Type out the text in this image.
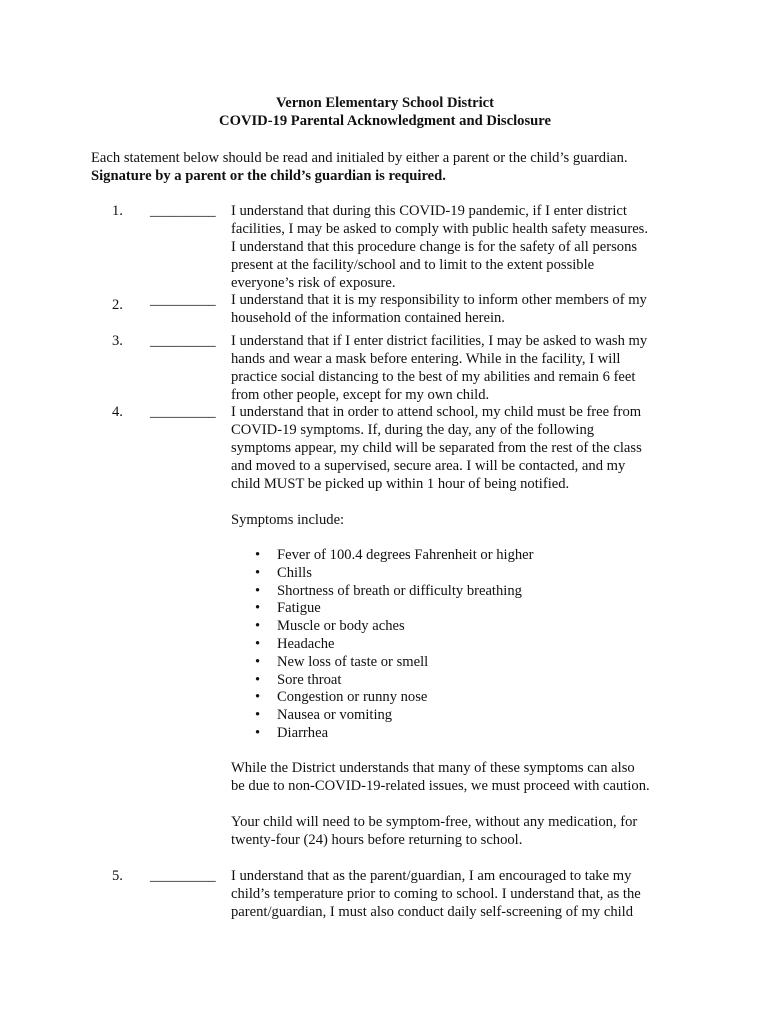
Vernon Elementary School District
COVID-19 Parental Acknowledgment and Disclosure
Each statement below should be read and initialed by either a parent or the child’s guardian.
Signature by a parent or the child’s guardian is required.
1. _________ I understand that during this COVID-19 pandemic, if I enter district
facilities, I may be asked to comply with public health safety measures.
I understand that this procedure change is for the safety of all persons
present at the facility/school and to limit to the extent possible
everyone’s risk of exposure.
2. _________ I understand that it is my responsibility to inform other members of my
household of the information contained herein.
3. _________ I understand that if I enter district facilities, I may be asked to wash my
hands and wear a mask before entering. While in the facility, I will
practice social distancing to the best of my abilities and remain 6 feet
from other people, except for my own child.
4. _________ I understand that in order to attend school, my child must be free from
COVID-19 symptoms. If, during the day, any of the following
symptoms appear, my child will be separated from the rest of the class
and moved to a supervised, secure area. I will be contacted, and my
child MUST be picked up within 1 hour of being notified.
Symptoms include:
• Fever of 100.4 degrees Fahrenheit or higher
• Chills
• Shortness of breath or difficulty breathing
• Fatigue
• Muscle or body aches
• Headache
• New loss of taste or smell
• Sore throat
• Congestion or runny nose
• Nausea or vomiting
• Diarrhea
While the District understands that many of these symptoms can also
be due to non-COVID-19-related issues, we must proceed with caution.
Your child will need to be symptom-free, without any medication, for
twenty-four (24) hours before returning to school.
5. _________ I understand that as the parent/guardian, I am encouraged to take my
child’s temperature prior to coming to school. I understand that, as the
parent/guardian, I must also conduct daily self-screening of my child
